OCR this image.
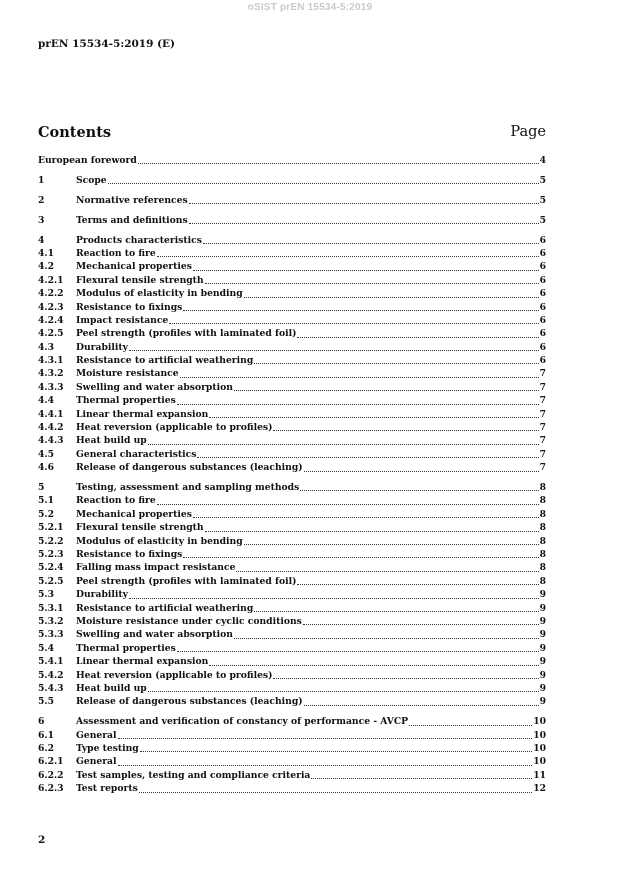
oSIST prEN 15534-5:2019
prEN 15534-5:2019 (E)
Contents	Page
European foreword	4
1	Scope	5
2	Normative references	5
3	Terms and definitions	5
4	Products characteristics	6
4.1	Reaction to fire	6
4.2	Mechanical properties	6
4.2.1	Flexural tensile strength	6
4.2.2	Modulus of elasticity in bending	6
4.2.3	Resistance to fixings	6
4.2.4	Impact resistance	6
4.2.5	Peel strength (profiles with laminated foil)	6
4.3	Durability	6
4.3.1	Resistance to artificial weathering	6
4.3.2	Moisture resistance	7
4.3.3	Swelling and water absorption	7
4.4	Thermal properties	7
4.4.1	Linear thermal expansion	7
4.4.2	Heat reversion (applicable to profiles)	7
4.4.3	Heat build up	7
4.5	General characteristics	7
4.6	Release of dangerous substances (leaching)	7
5	Testing, assessment and sampling methods	8
5.1	Reaction to fire	8
5.2	Mechanical properties	8
5.2.1	Flexural tensile strength	8
5.2.2	Modulus of elasticity in bending	8
5.2.3	Resistance to fixings	8
5.2.4	Falling mass impact resistance	8
5.2.5	Peel strength (profiles with laminated foil)	8
5.3	Durability	9
5.3.1	Resistance to artificial weathering	9
5.3.2	Moisture resistance under cyclic conditions	9
5.3.3	Swelling and water absorption	9
5.4	Thermal properties	9
5.4.1	Linear thermal expansion	9
5.4.2	Heat reversion (applicable to profiles)	9
5.4.3	Heat build up	9
5.5	Release of dangerous substances (leaching)	9
6	Assessment and verification of constancy of performance - AVCP	10
6.1	General	10
6.2	Type testing	10
6.2.1	General	10
6.2.2	Test samples, testing and compliance criteria	11
6.2.3	Test reports	12
2
